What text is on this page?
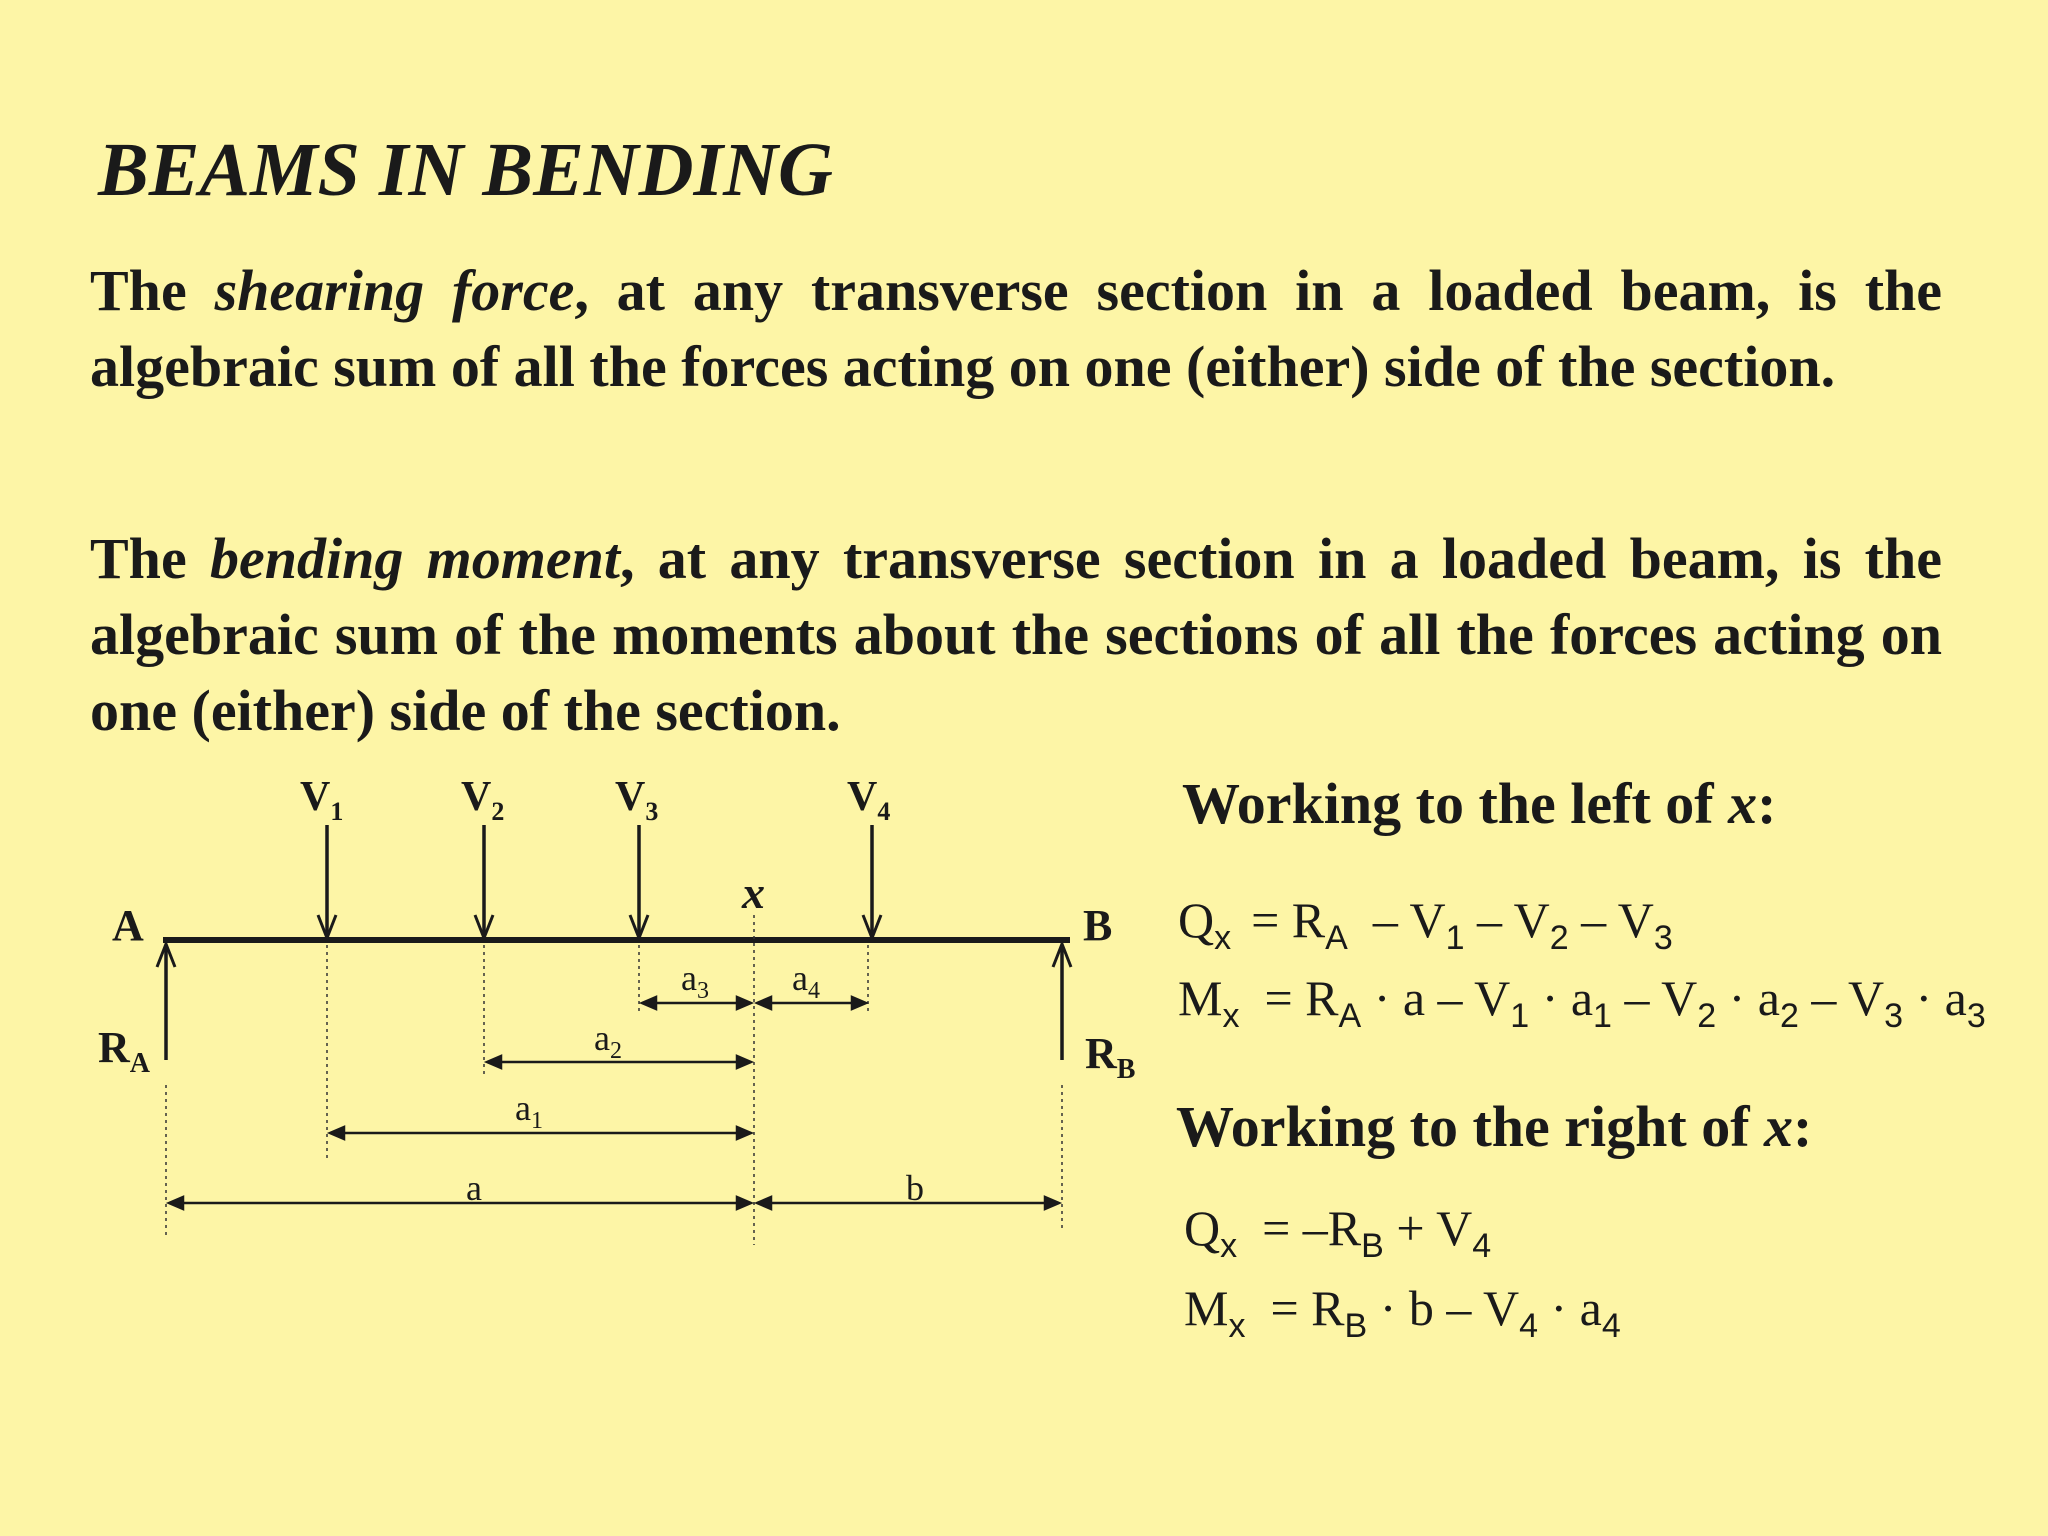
BEAMS IN BENDING
The shearing force, at any transverse section in a loaded beam, is the algebraic sum of all the forces acting on one (either) side of the section.
The bending moment, at any transverse section in a loaded beam, is the algebraic sum of the moments about the sections of all the forces acting on one (either) side of the section.
Working to the left of x:
Working to the right of x:
$Q_x = R_A - V_1 - V_2 - V_3$
$M_x = R_A \cdot a - V_1 \cdot a_1 - V_2 \cdot a_2 - V_3 \cdot a_3$
$Q_x = -R_B + V_4$
$M_x = R_B \cdot b - V_4 \cdot a_4$
A	B
$R_A$	$R_B$
x
$V_1$	$V_2$	$V_3$	$V_4$
$a_3$ $a_4$
$a_2$
$a_1$
a	b
